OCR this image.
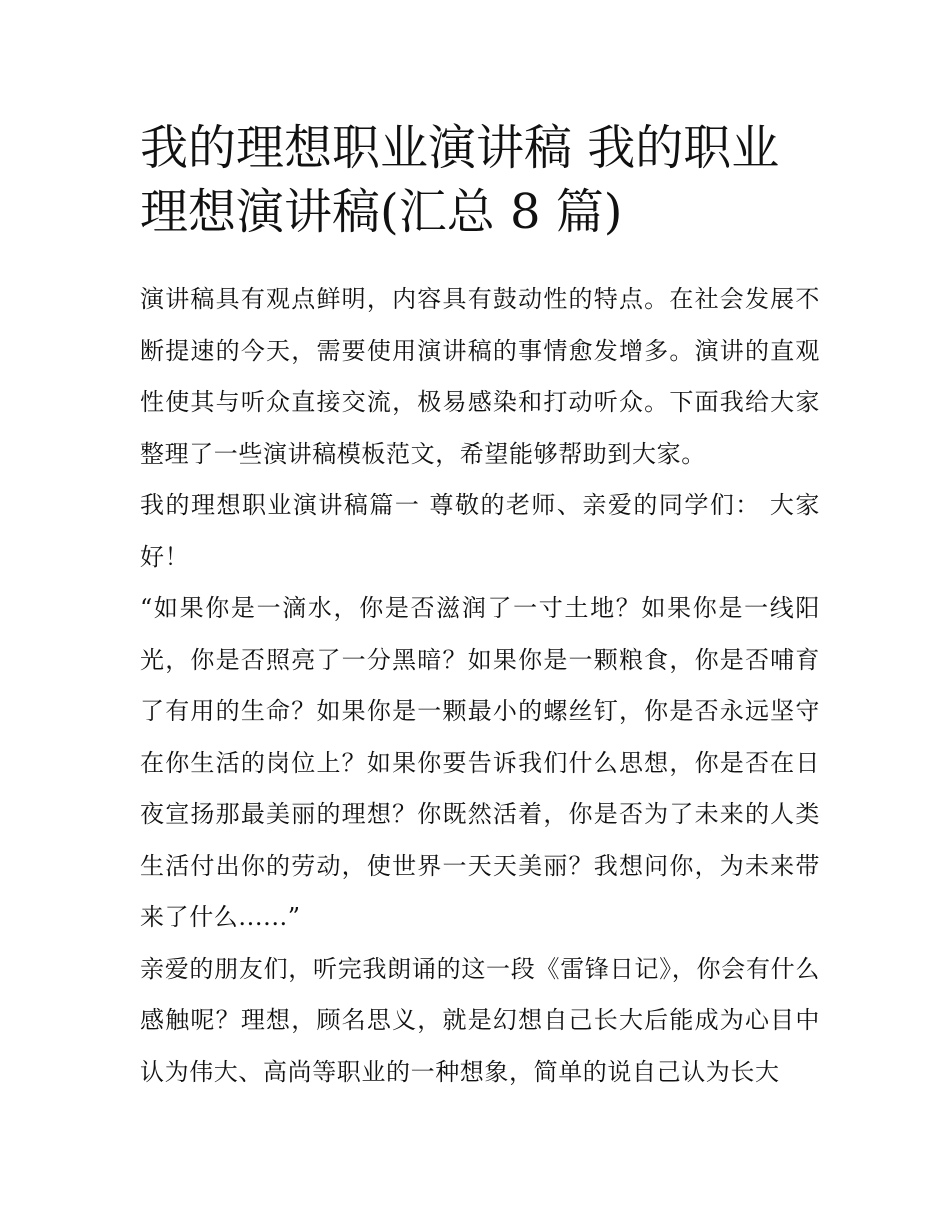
我的理想职业演讲稿 我的职业理想演讲稿(汇总 8 篇)

演讲稿具有观点鲜明，内容具有鼓动性的特点。在社会发展不断提速的今天，需要使用演讲稿的事情愈发增多。演讲的直观性使其与听众直接交流，极易感染和打动听众。下面我给大家整理了一些演讲稿模板范文，希望能够帮助到大家。

我的理想职业演讲稿篇一 尊敬的老师、亲爱的同学们： 大家好！

“如果你是一滴水，你是否滋润了一寸土地？如果你是一线阳光，你是否照亮了一分黑暗？如果你是一颗粮食，你是否哺育了有用的生命？如果你是一颗最小的螺丝钉，你是否永远坚守在你生活的岗位上？如果你要告诉我们什么思想，你是否在日夜宣扬那最美丽的理想？你既然活着，你是否为了未来的人类生活付出你的劳动，使世界一天天美丽？我想问你，为未来带来了什么......”

亲爱的朋友们，听完我朗诵的这一段《雷锋日记》，你会有什么感触呢？理想，顾名思义，就是幻想自己长大后能成为心目中认为伟大、高尚等职业的一种想象，简单的说自己认为长大
